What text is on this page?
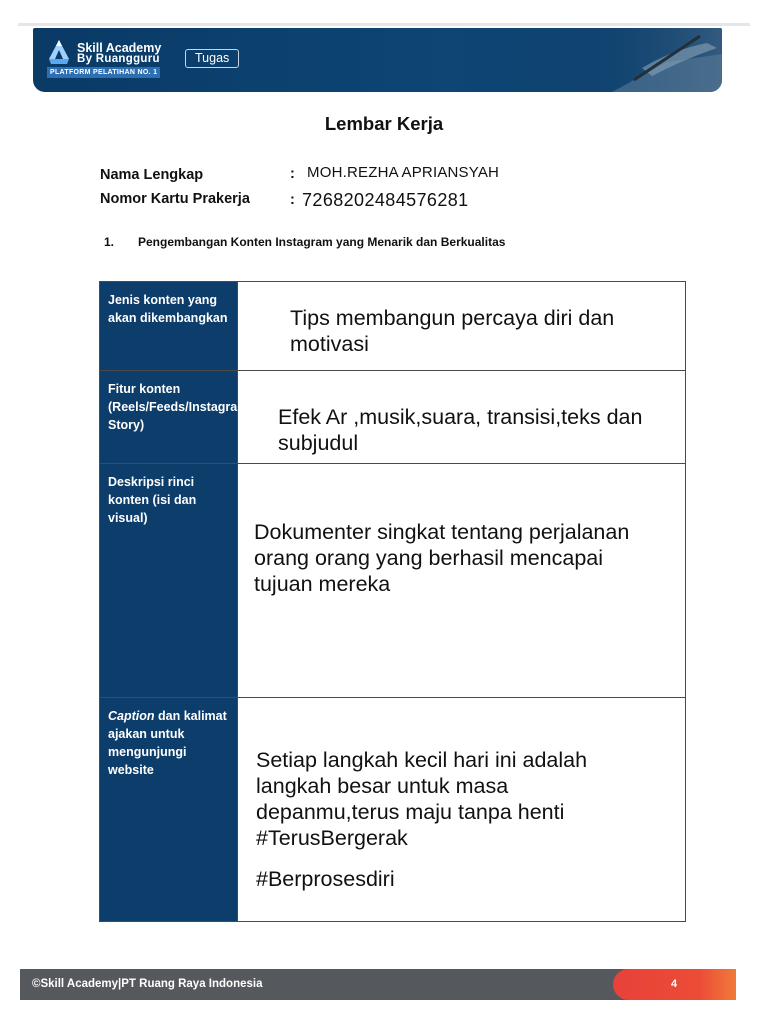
Skill Academy
By Ruangguru
PLATFORM PELATIHAN NO. 1
Tugas
Lembar Kerja
Nama Lengkap	: MOH.REZHA APRIANSYAH
Nomor Kartu Prakerja	: 7268202484576281
1. Pengembangan Konten Instagram yang Menarik dan Berkualitas
Jenis konten yang akan dikembangkan	Tips membangun percaya diri dan
motivasi

Fitur konten (Reels/Feeds/Instagram Story)	Efek Ar ,musik,suara, transisi,teks dan
subjudul

Deskripsi rinci konten (isi dan visual)	Dokumenter singkat tentang perjalanan
orang orang yang berhasil mencapai
tujuan mereka

Caption dan kalimat ajakan untuk mengunjungi website	Setiap langkah kecil hari ini adalah
langkah besar untuk masa
depanmu,terus maju tanpa henti
#TerusBergerak
#Berprosesdiri
©Skill Academy|PT Ruang Raya Indonesia	4
